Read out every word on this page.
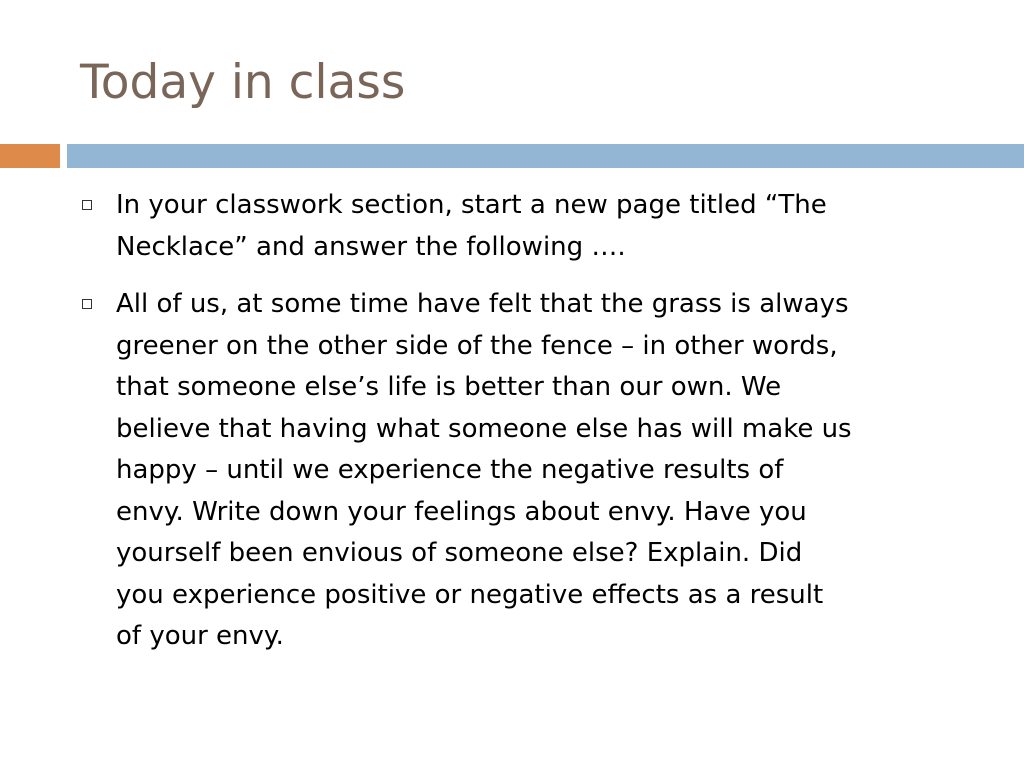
Today in class
In your classwork section, start a new page titled “The
Necklace” and answer the following ….
All of us, at some time have felt that the grass is always
greener on the other side of the fence – in other words,
that someone else’s life is better than our own. We
believe that having what someone else has will make us
happy – until we experience the negative results of
envy. Write down your feelings about envy. Have you
yourself been envious of someone else? Explain. Did
you experience positive or negative effects as a result
of your envy.
